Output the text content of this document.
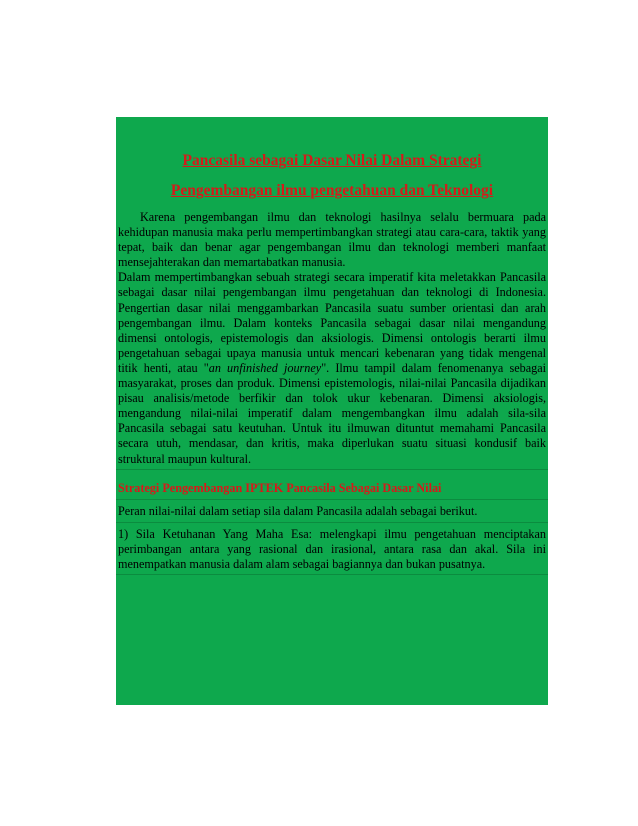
Pancasila sebagai Dasar Nilai Dalam Strategi
Pengembangan ilmu pengetahuan dan Teknologi

Karena pengembangan ilmu dan teknologi hasilnya selalu bermuara pada kehidupan manusia maka perlu mempertimbangkan strategi atau cara-cara, taktik yang tepat, baik dan benar agar pengembangan ilmu dan teknologi memberi manfaat mensejahterakan dan memartabatkan manusia.

Dalam mempertimbangkan sebuah strategi secara imperatif kita meletakkan Pancasila sebagai dasar nilai pengembangan ilmu pengetahuan dan teknologi di Indonesia. Pengertian dasar nilai menggambarkan Pancasila suatu sumber orientasi dan arah pengembangan ilmu. Dalam konteks Pancasila sebagai dasar nilai mengandung dimensi ontologis, epistemologis dan aksiologis. Dimensi ontologis berarti ilmu pengetahuan sebagai upaya manusia untuk mencari kebenaran yang tidak mengenal titik henti, atau "an unfinished journey". Ilmu tampil dalam fenomenanya sebagai masyarakat, proses dan produk. Dimensi epistemologis, nilai-nilai Pancasila dijadikan pisau analisis/metode berfikir dan tolok ukur kebenaran. Dimensi aksiologis, mengandung nilai-nilai imperatif dalam mengembangkan ilmu adalah sila-sila Pancasila sebagai satu keutuhan. Untuk itu ilmuwan dituntut memahami Pancasila secara utuh, mendasar, dan kritis, maka diperlukan suatu situasi kondusif baik struktural maupun kultural.

Strategi Pengembangan IPTEK Pancasila Sebagai Dasar Nilai

Peran nilai-nilai dalam setiap sila dalam Pancasila adalah sebagai berikut.

1) Sila Ketuhanan Yang Maha Esa: melengkapi ilmu pengetahuan menciptakan perimbangan antara yang rasional dan irasional, antara rasa dan akal. Sila ini menempatkan manusia dalam alam sebagai bagiannya dan bukan pusatnya.
